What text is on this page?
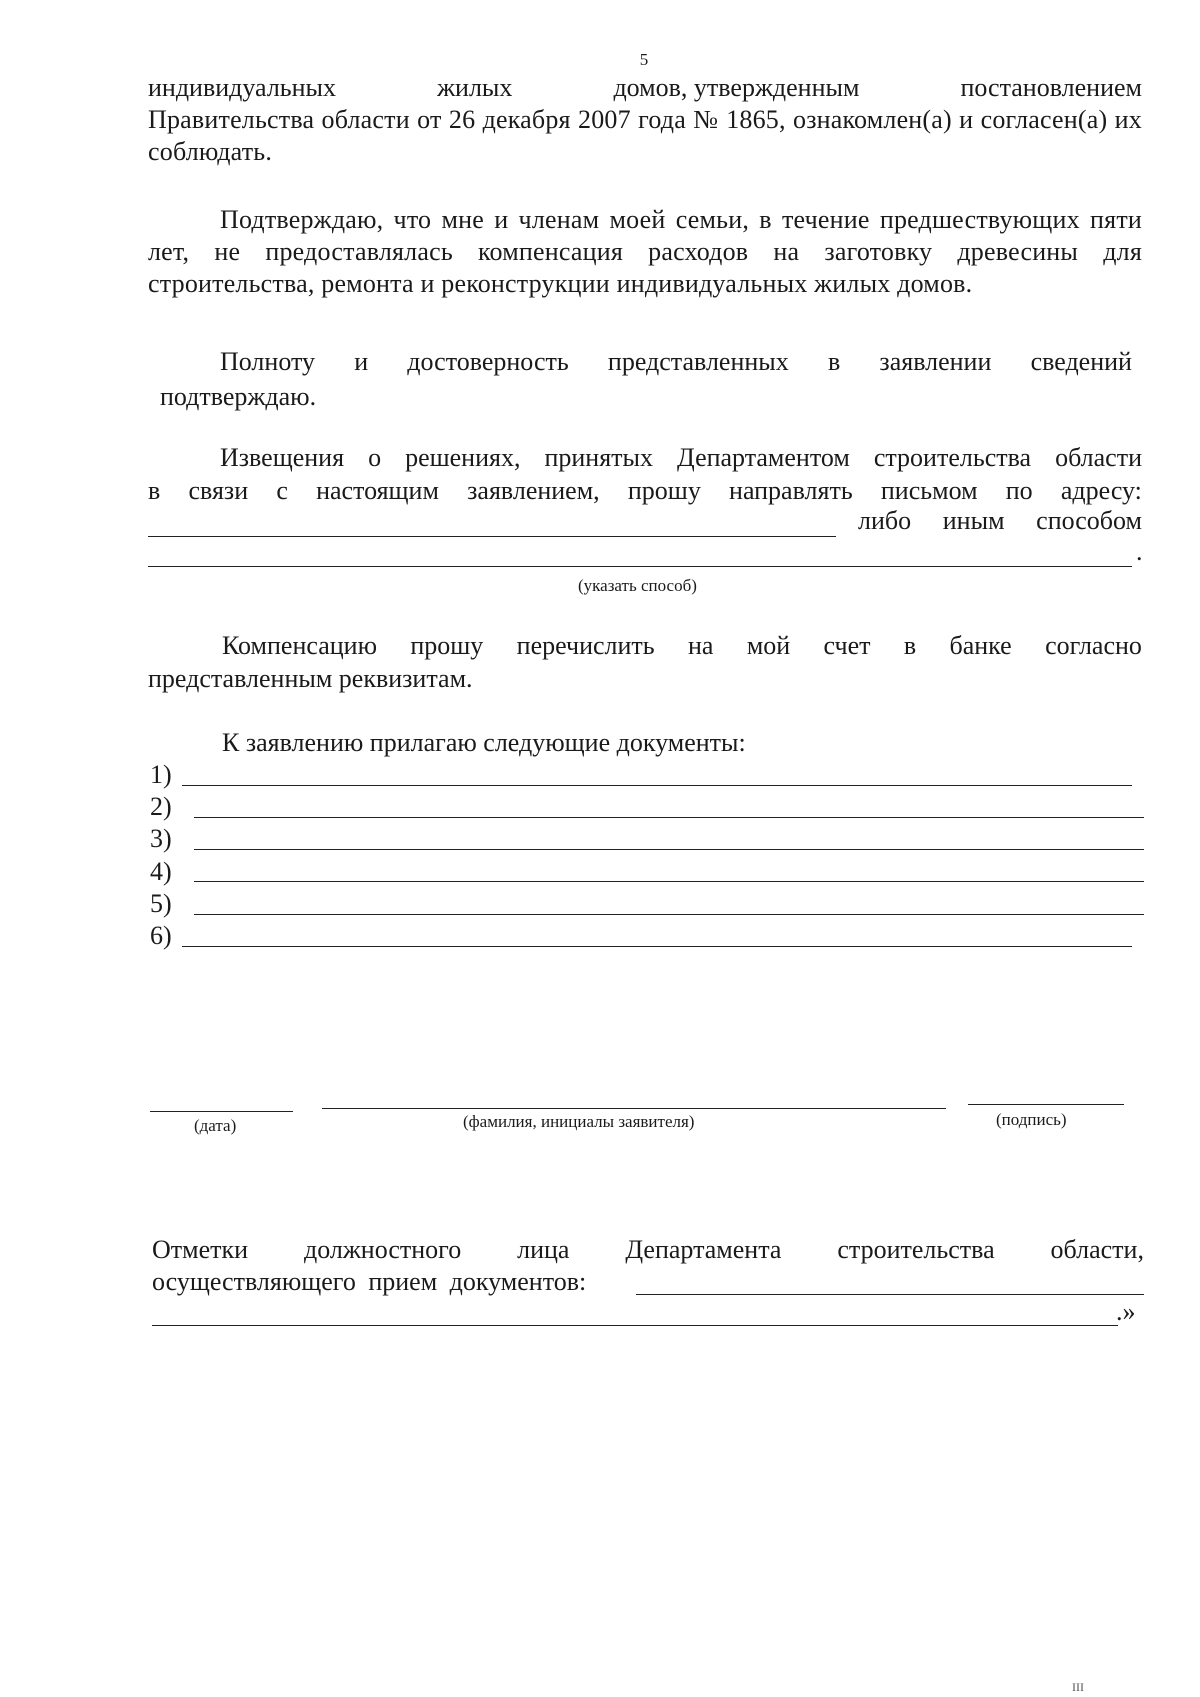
5
индивидуальных	жилых	домов, утвержденным	постановлением
Правительства области от 26 декабря 2007 года № 1865, ознакомлен(а) и согласен(а) их соблюдать.
Подтверждаю, что мне и членам моей семьи, в течение предшествующих пяти лет, не предоставлялась компенсация расходов на заготовку древесины для строительства, ремонта и реконструкции индивидуальных жилых домов.
Полноту и достоверность представленных в заявлении сведений
подтверждаю.
Извещения о решениях, принятых Департаментом строительства области
в связи с настоящим заявлением, прошу направлять письмом по адресу:
либо иным способом
.
(указать способ)
Компенсацию прошу перечислить на мой счет в банке согласно
представленным реквизитам.
К заявлению прилагаю следующие документы:
1)
2)
3)
4)
5)
6)
(дата)	(фамилия, инициалы заявителя)	(подпись)
Отметки должностного лица Департамента строительства области,
осуществляющего прием документов:
.»
III
